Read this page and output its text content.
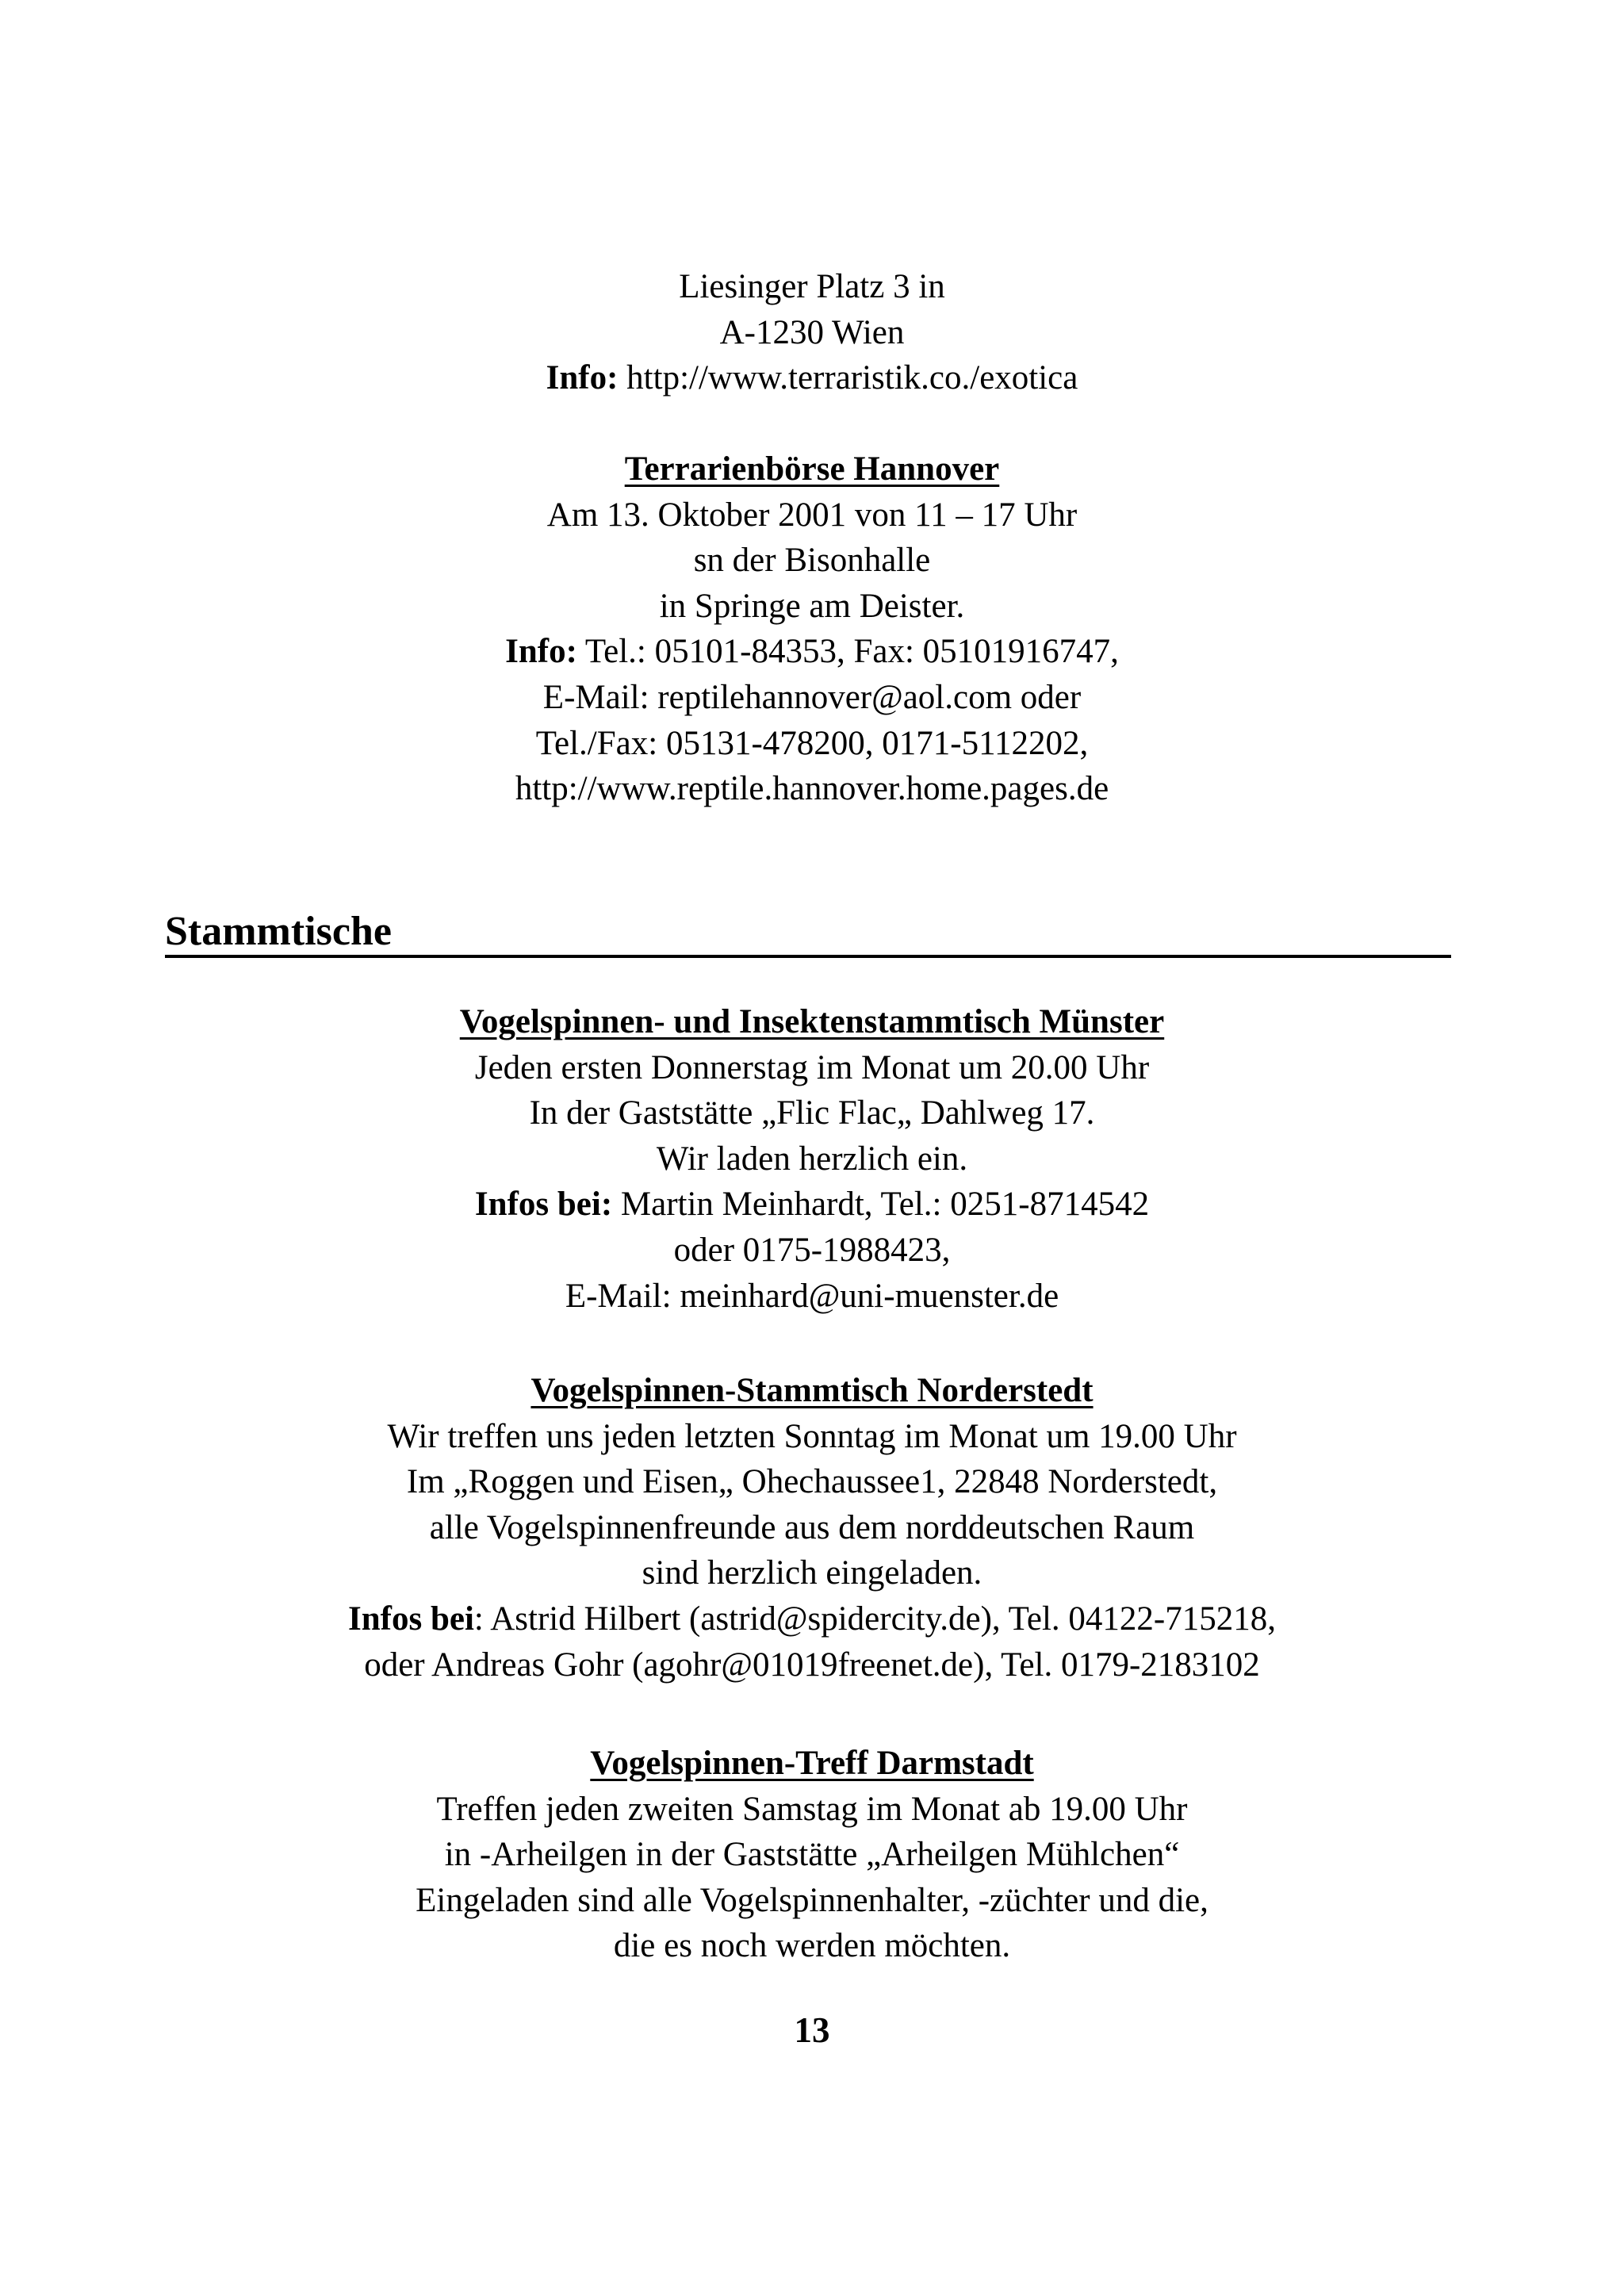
Liesinger Platz 3 in
A-1230 Wien
Info: http://www.terraristik.co./exotica
Terrarienbörse Hannover
Am 13. Oktober 2001 von 11 – 17 Uhr
sn der Bisonhalle
in Springe am Deister.
Info: Tel.: 05101-84353, Fax: 05101916747,
E-Mail: reptilehannover@aol.com oder
Tel./Fax: 05131-478200, 0171-5112202,
http://www.reptile.hannover.home.pages.de
Stammtische
Vogelspinnen- und Insektenstammtisch Münster
Jeden ersten Donnerstag im Monat um 20.00 Uhr
In der Gaststätte „Flic Flac„ Dahlweg 17.
Wir laden herzlich ein.
Infos bei: Martin Meinhardt, Tel.: 0251-8714542
oder 0175-1988423,
E-Mail: meinhard@uni-muenster.de
Vogelspinnen-Stammtisch Norderstedt
Wir treffen uns jeden letzten Sonntag im Monat um 19.00 Uhr
Im „Roggen und Eisen„ Ohechaussee1, 22848 Norderstedt,
alle Vogelspinnenfreunde aus dem norddeutschen Raum
sind herzlich eingeladen.
Infos bei: Astrid Hilbert (astrid@spidercity.de), Tel. 04122-715218,
oder Andreas Gohr (agohr@01019freenet.de), Tel. 0179-2183102
Vogelspinnen-Treff Darmstadt
Treffen jeden zweiten Samstag im Monat ab 19.00 Uhr
in -Arheilgen in der Gaststätte „Arheilgen Mühlchen“
Eingeladen sind alle Vogelspinnenhalter, -züchter und die,
die es noch werden möchten.
13
